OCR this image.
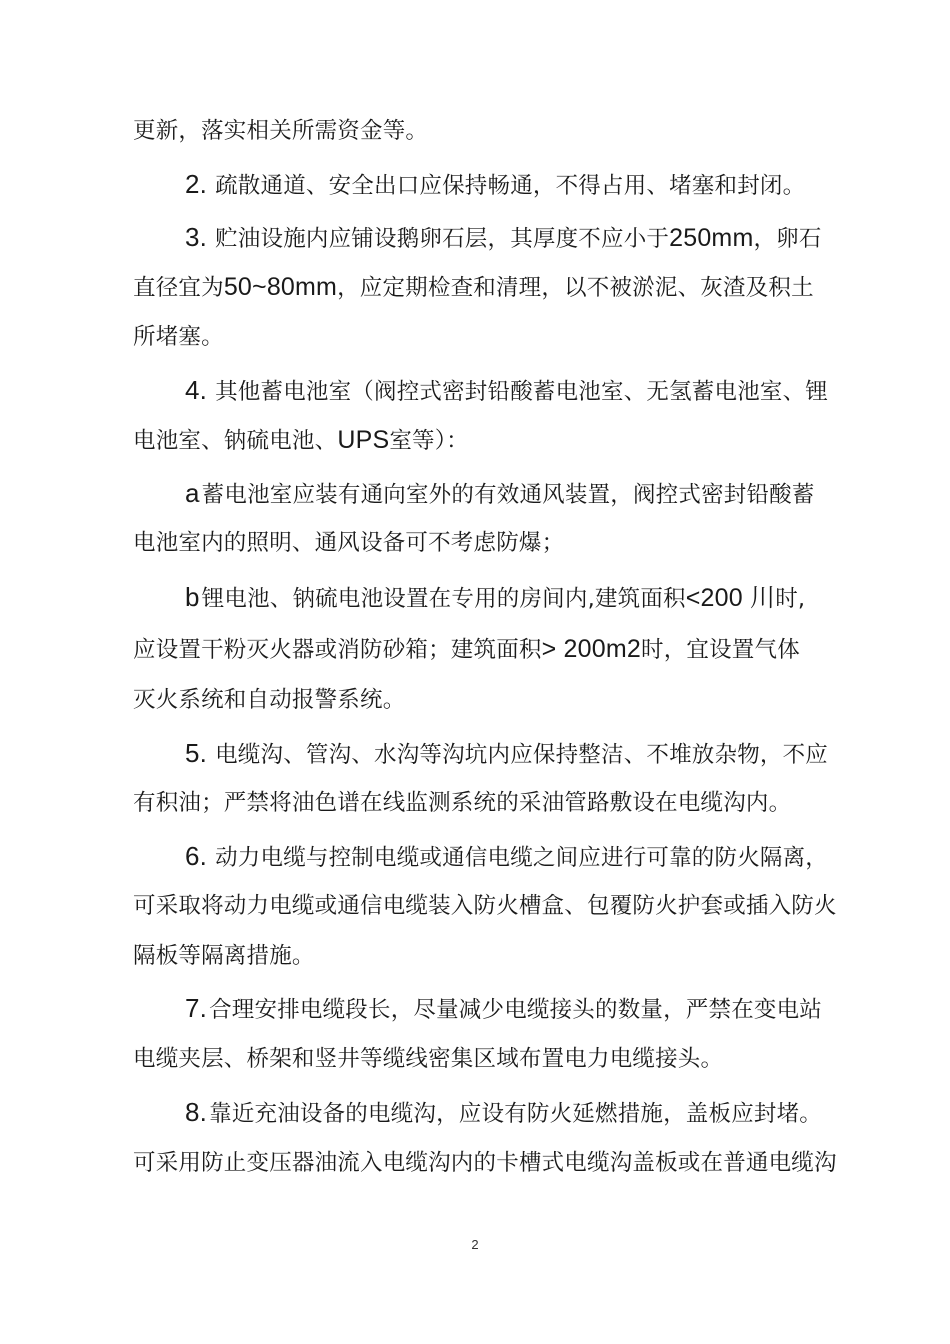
更新，落实相关所需资金等。
2. 疏散通道、安全出口应保持畅通，不得占用、堵塞和封闭。
3. 贮油设施内应铺设鹅卵石层，其厚度不应小于250mm，卵石
直径宜为50~80mm，应定期检查和清理，以不被淤泥、灰渣及积土
所堵塞。
4. 其他蓄电池室（阀控式密封铅酸蓄电池室、无氢蓄电池室、锂
电池室、钠硫电池、UPS室等）：
a蓄电池室应装有通向室外的有效通风装置，阀控式密封铅酸蓄
电池室内的照明、通风设备可不考虑防爆；
b锂电池、钠硫电池设置在专用的房间内,建筑面积<200 川时,
应设置干粉灭火器或消防砂箱；建筑面积> 200m2时，宜设置气体
灭火系统和自动报警系统。
5. 电缆沟、管沟、水沟等沟坑内应保持整洁、不堆放杂物，不应
有积油；严禁将油色谱在线监测系统的采油管路敷设在电缆沟内。
6. 动力电缆与控制电缆或通信电缆之间应进行可靠的防火隔离，
可采取将动力电缆或通信电缆装入防火槽盒、包覆防火护套或插入防火
隔板等隔离措施。
7.合理安排电缆段长，尽量减少电缆接头的数量，严禁在变电站
电缆夹层、桥架和竖井等缆线密集区域布置电力电缆接头。
8.靠近充油设备的电缆沟，应设有防火延燃措施，盖板应封堵。
可采用防止变压器油流入电缆沟内的卡槽式电缆沟盖板或在普通电缆沟
2
